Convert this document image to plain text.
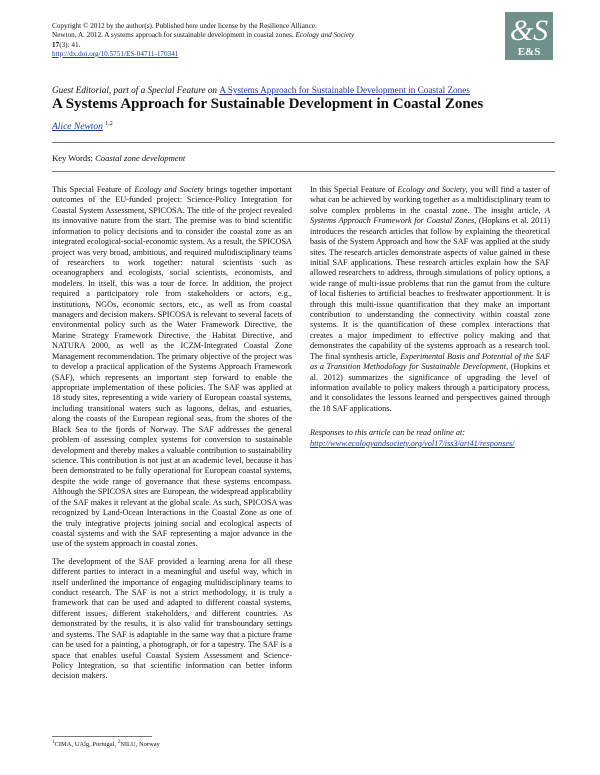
Copyright © 2012 by the author(s). Published here under license by the Resilience Alliance.
Newton, A. 2012. A systems approach for sustainable development in coastal zones. Ecology and Society
17(3): 41.
http://dx.doi.org/10.5751/ES-04711-170341
&S
E&S
Guest Editorial, part of a Special Feature on A Systems Approach for Sustainable Development in Coastal Zones
A Systems Approach for Sustainable Development in Coastal Zones
Alice Newton $^{1,2}$
Key Words: Coastal zone development

This Special Feature of Ecology and Society brings together important outcomes of the EU-funded project: Science-Policy Integration for Coastal System Assessment, SPICOSA. The title of the project revealed its innovative nature from the start. The premise was to bind scientific information to policy decisions and to consider the coastal zone as an integrated ecological-social-economic system. As a result, the SPICOSA project was very broad, ambitious, and required multidisciplinary teams of researchers to work together: natural scientists such as oceanographers and ecologists, social scientists, economists, and modelers. In itself, this was a tour de force. In addition, the project required a participatory role from stakeholders or actors, e.g., institutions, NGOs, economic sectors, etc., as well as from coastal managers and decision makers. SPICOSA is relevant to several facets of environmental policy such as the Water Framework Directive, the Marine Strategy Framework Directive, the Habitat Directive, and NATURA 2000, as well as the ICZM-Integrated Coastal Zone Management recommendation. The primary objective of the project was to develop a practical application of the Systems Approach Framework (SAF), which represents an important step forward to enable the appropriate implementation of these policies. The SAF was applied at 18 study sites, representing a wide variety of European coastal systems, including transitional waters such as lagoons, deltas, and estuaries, along the coasts of the European regional seas, from the shores of the Black Sea to the fjords of Norway. The SAF addresses the general problem of assessing complex systems for conversion to sustainable development and thereby makes a valuable contribution to sustainability science. This contribution is not just at an academic level, because it has been demonstrated to be fully operational for European coastal systems, despite the wide range of governance that these systems encompass. Although the SPICOSA sites are European, the widespread applicability of the SAF makes it relevant at the global scale. As such, SPICOSA was recognized by Land-Ocean Interactions in the Coastal Zone as one of the truly integrative projects joining social and ecological aspects of coastal systems and with the SAF representing a major advance in the use of the system approach in coastal zones.

The development of the SAF provided a learning arena for all these different parties to interact in a meaningful and useful way, which in itself underlined the importance of engaging multidisciplinary teams to conduct research. The SAF is not a strict methodology, it is truly a framework that can be used and adapted to different coastal systems, different issues, different stakeholders, and different countries. As demonstrated by the results, it is also valid for transboundary settings and systems. The SAF is adaptable in the same way that a picture frame can be used for a painting, a photograph, or for a tapestry. The SAF is a space that enables useful Coastal System Assessment and Science-Policy Integration, so that scientific information can better inform decision makers.

In this Special Feature of Ecology and Society, you will find a taster of what can be achieved by working together as a multidisciplinary team to solve complex problems in the coastal zone. The insight article, A Systems Approach Framework for Coastal Zones, (Hopkins et al. 2011) introduces the research articles that follow by explaining the theoretical basis of the System Approach and how the SAF was applied at the study sites. The research articles demonstrate aspects of value gained in these initial SAF applications. These research articles explain how the SAF allowed researchers to address, through simulations of policy options, a wide range of multi-issue problems that run the gamut from the culture of local fisheries to artificial beaches to freshwater apportionment. It is through this multi-issue quantification that they make an important contribution to understanding the connectivity within coastal zone systems. It is the quantification of these complex interactions that creates a major impediment to effective policy making and that demonstrates the capability of the systems approach as a research tool. The final synthesis article, Experimental Basis and Potential of the SAF as a Transition Methodology for Sustainable Development, (Hopkins et al. 2012) summarizes the significance of upgrading the level of information available to policy makers through a participatory process, and it consolidates the lessons learned and perspectives gained through the 18 SAF applications.

Responses to this article can be read online at:
http://www.ecologyandsociety.org/vol17/iss3/art41/responses/

$^1$CIMA, UAlg, Portugal, $^2$NILU, Norway
